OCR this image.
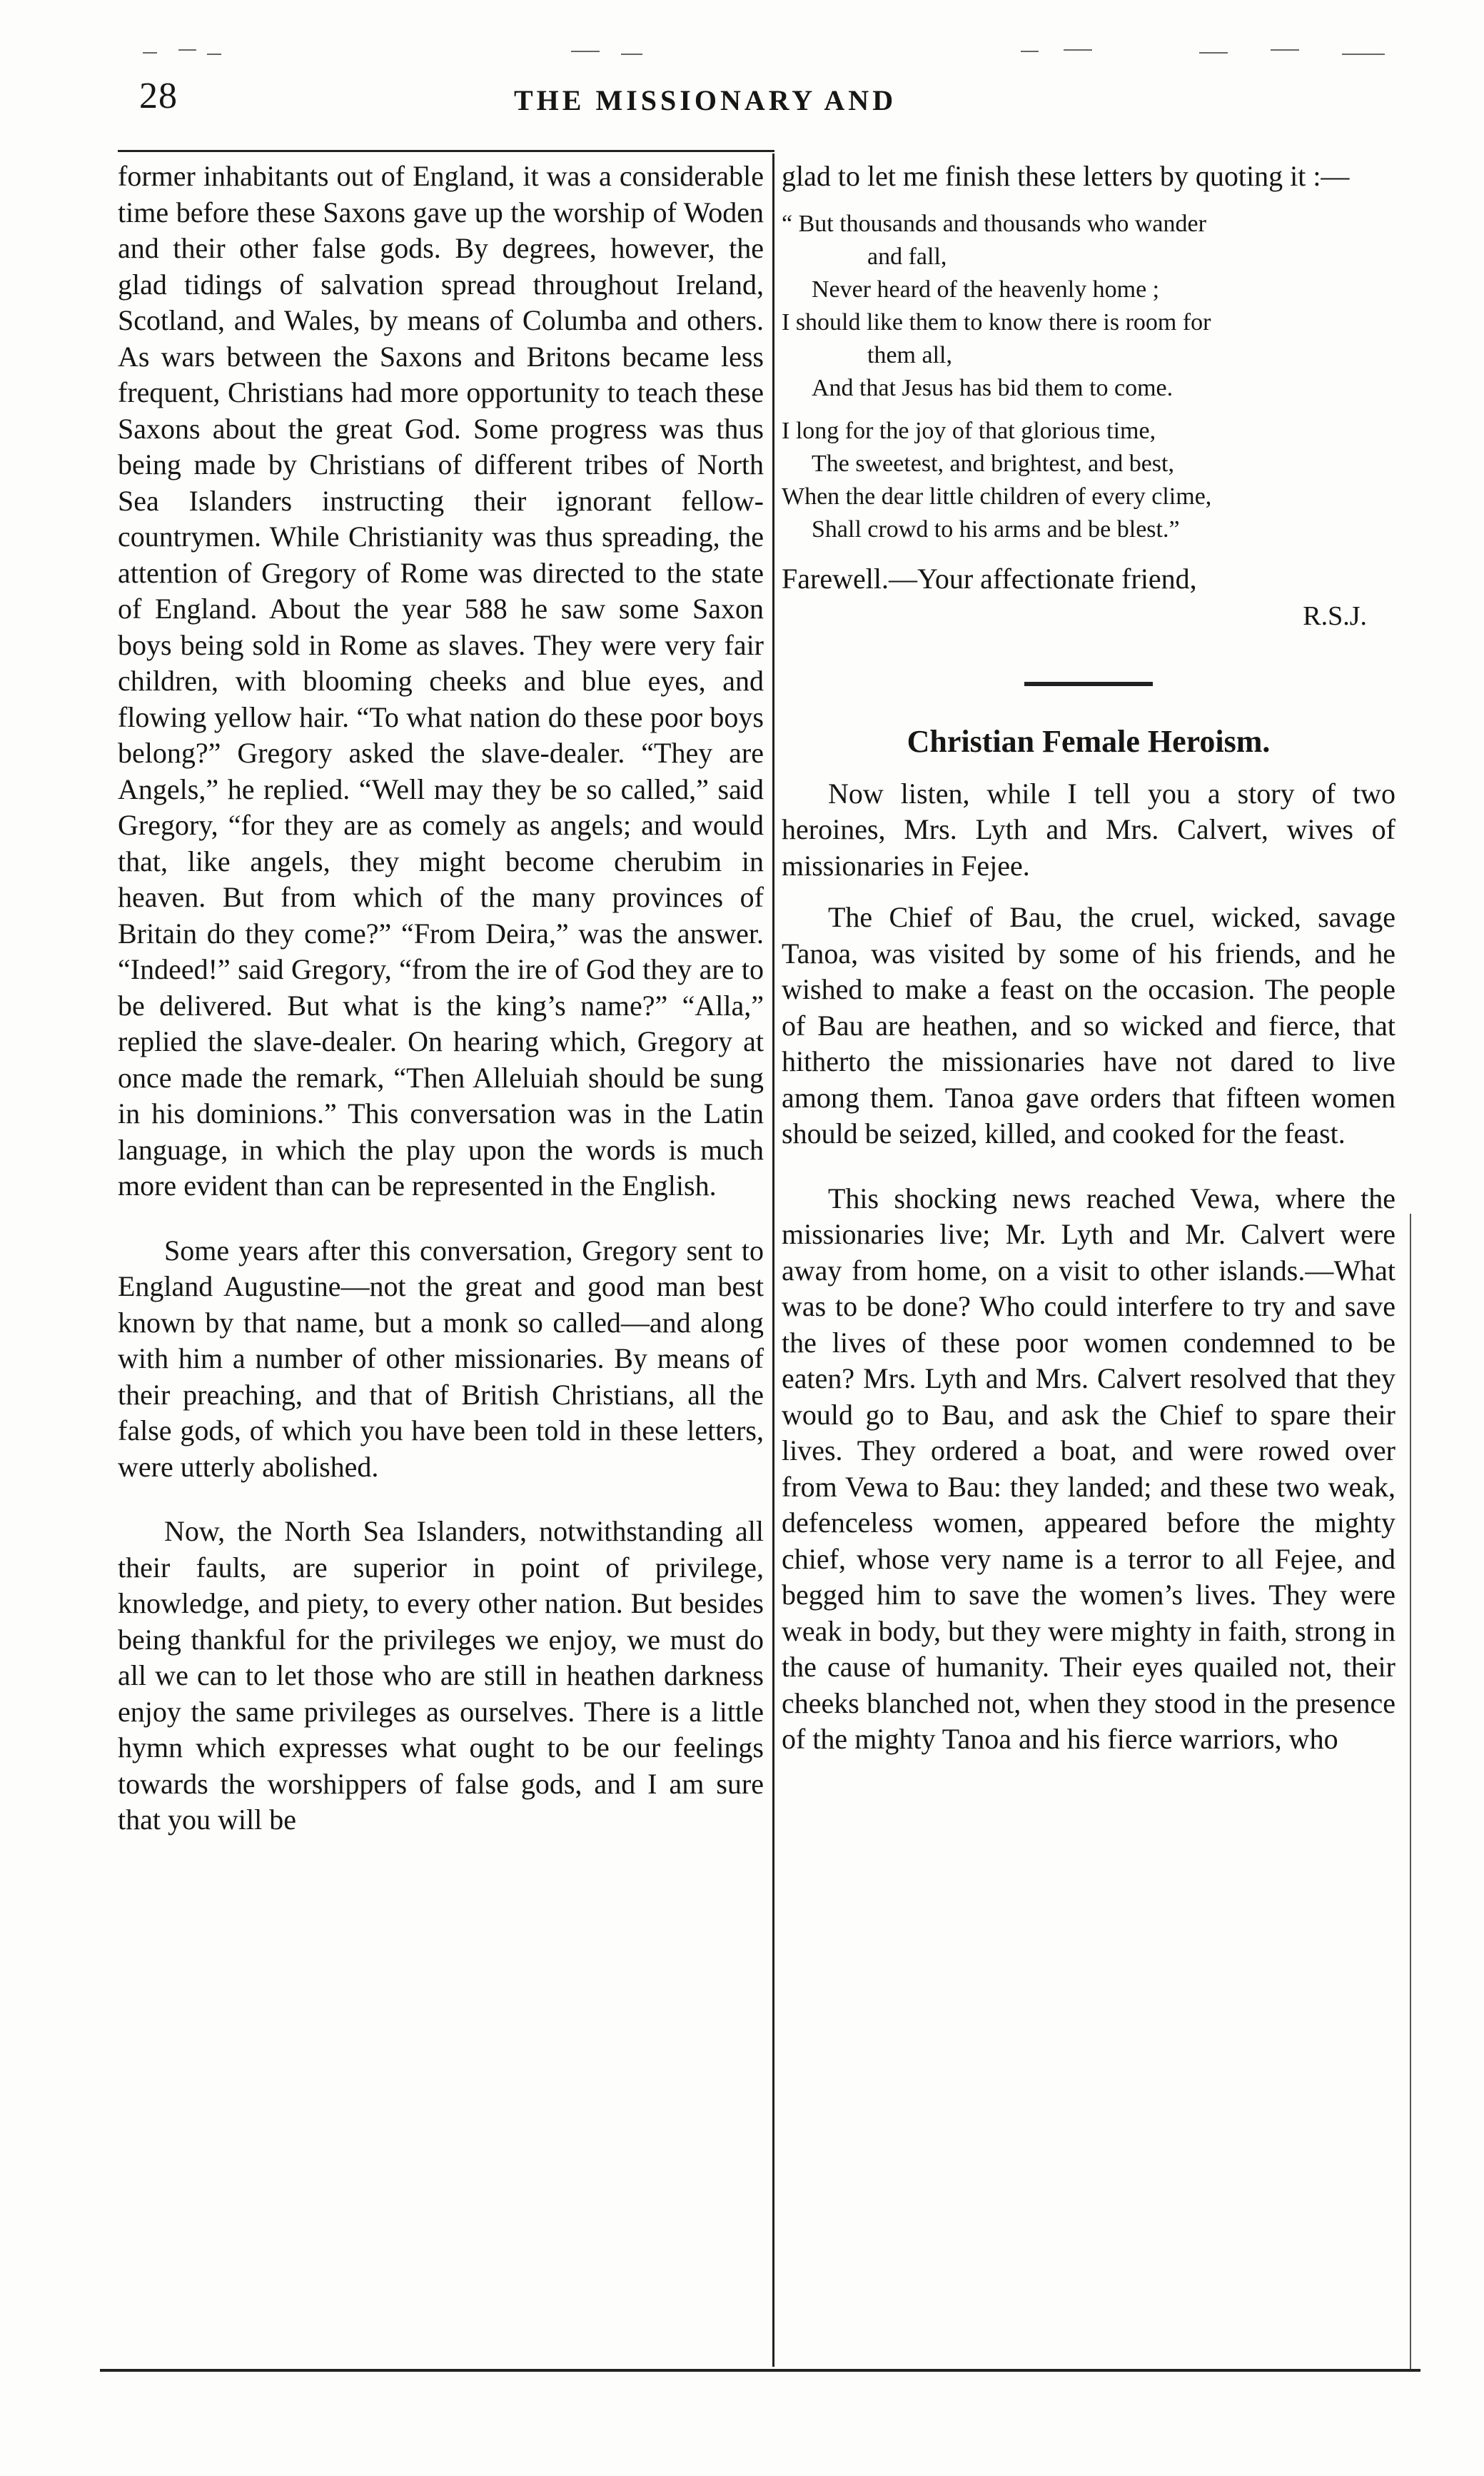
28	THE MISSIONARY AND

former inhabitants out of England, it was a considerable time before these Saxons gave up the worship of Woden and their other false gods. By degrees, however, the glad tidings of salvation spread throughout Ireland, Scotland, and Wales, by means of Columba and others. As wars between the Saxons and Britons became less frequent, Christians had more opportunity to teach these Saxons about the great God. Some progress was thus being made by Christians of different tribes of North Sea Islanders instructing their ignorant fellow-countrymen. While Christianity was thus spreading, the attention of Gregory of Rome was directed to the state of England. About the year 588 he saw some Saxon boys being sold in Rome as slaves. They were very fair children, with blooming cheeks and blue eyes, and flowing yellow hair. “To what nation do these poor boys belong?” Gregory asked the slave-dealer. “They are Angels,” he replied. “Well may they be so called,” said Gregory, “for they are as comely as angels; and would that, like angels, they might become cherubim in heaven. But from which of the many provinces of Britain do they come?” “From Deira,” was the answer. “Indeed!” said Gregory, “from the ire of God they are to be delivered. But what is the king’s name?” “Alla,” replied the slave-dealer. On hearing which, Gregory at once made the remark, “Then Alleluiah should be sung in his dominions.” This conversation was in the Latin language, in which the play upon the words is much more evident than can be represented in the English.

Some years after this conversation, Gregory sent to England Augustine—not the great and good man best known by that name, but a monk so called—and along with him a number of other missionaries. By means of their preaching, and that of British Christians, all the false gods, of which you have been told in these letters, were utterly abolished.

Now, the North Sea Islanders, notwithstanding all their faults, are superior in point of privilege, knowledge, and piety, to every other nation. But besides being thankful for the privileges we enjoy, we must do all we can to let those who are still in heathen darkness enjoy the same privileges as ourselves. There is a little hymn which expresses what ought to be our feelings towards the worshippers of false gods, and I am sure that you will be

glad to let me finish these letters by quoting it :—

“ But thousands and thousands who wander
and fall,
Never heard of the heavenly home ;
I should like them to know there is room for
them all,
And that Jesus has bid them to come.
I long for the joy of that glorious time,
The sweetest, and brightest, and best,
When the dear little children of every clime,
Shall crowd to his arms and be blest.”

Farewell.—Your affectionate friend,

R.S.J.

Christian Female Heroism.

Now listen, while I tell you a story of two heroines, Mrs. Lyth and Mrs. Calvert, wives of missionaries in Fejee.

The Chief of Bau, the cruel, wicked, savage Tanoa, was visited by some of his friends, and he wished to make a feast on the occasion. The people of Bau are heathen, and so wicked and fierce, that hitherto the missionaries have not dared to live among them. Tanoa gave orders that fifteen women should be seized, killed, and cooked for the feast.

This shocking news reached Vewa, where the missionaries live; Mr. Lyth and Mr. Calvert were away from home, on a visit to other islands.—What was to be done? Who could interfere to try and save the lives of these poor women condemned to be eaten? Mrs. Lyth and Mrs. Calvert resolved that they would go to Bau, and ask the Chief to spare their lives. They ordered a boat, and were rowed over from Vewa to Bau: they landed; and these two weak, defenceless women, appeared before the mighty chief, whose very name is a terror to all Fejee, and begged him to save the women’s lives. They were weak in body, but they were mighty in faith, strong in the cause of humanity. Their eyes quailed not, their cheeks blanched not, when they stood in the presence of the mighty Tanoa and his fierce warriors, who
